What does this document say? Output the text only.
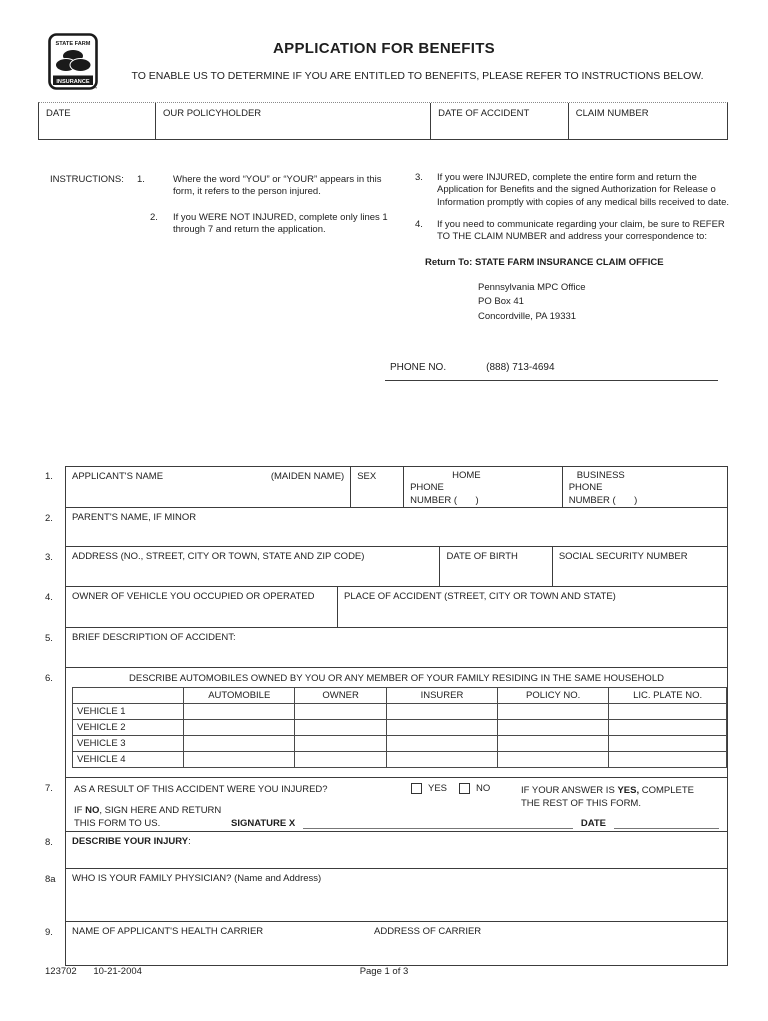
STATE FARM
INSURANCE
™
APPLICATION FOR BENEFITS
TO ENABLE US TO DETERMINE IF YOU ARE ENTITLED TO BENEFITS, PLEASE REFER TO INSTRUCTIONS BELOW.
DATE	OUR POLICYHOLDER	DATE OF ACCIDENT	CLAIM NUMBER
INSTRUCTIONS:	1.	Where the word “YOU” or “YOUR” appears in this form, it refers to the person injured.
2.	If you WERE NOT INJURED, complete only lines 1 through 7 and return the application.
3.	If you were INJURED, complete the entire form and return the Application for Benefits and the signed Authorization for Release o Information promptly with copies of any medical bills received to date.
4.	If you need to communicate regarding your claim, be sure to REFER TO THE CLAIM NUMBER and address your correspondence to:
Return To: STATE FARM INSURANCE CLAIM OFFICE
Pennsylvania MPC Office
PO Box 41
Concordville, PA 19331
PHONE NO.	(888) 713-4694
1.	APPLICANT'S NAME	(MAIDEN NAME)	SEX	HOME
PHONE
NUMBER (       )
BUSINESS
PHONE
NUMBER (       )
2.	PARENT'S NAME, IF MINOR
3.	ADDRESS (NO., STREET, CITY OR TOWN, STATE AND ZIP CODE)	DATE OF BIRTH	SOCIAL SECURITY NUMBER
4.	OWNER OF VEHICLE YOU OCCUPIED OR OPERATED	PLACE OF ACCIDENT (STREET, CITY OR TOWN AND STATE)
5.	BRIEF DESCRIPTION OF ACCIDENT:
6.	DESCRIBE AUTOMOBILES OWNED BY YOU OR ANY MEMBER OF YOUR FAMILY RESIDING IN THE SAME HOUSEHOLD
	AUTOMOBILE	OWNER	INSURER	POLICY NO.	LIC. PLATE NO.
VEHICLE 1					
VEHICLE 2					
VEHICLE 3					
VEHICLE 4					
7.	AS A RESULT OF THIS ACCIDENT WERE YOU INJURED?	YES	NO	IF YOUR ANSWER IS YES, COMPLETE
THE REST OF THIS FORM.
IF NO, SIGN HERE AND RETURN
THIS FORM TO US.	SIGNATURE X	DATE
8.	DESCRIBE YOUR INJURY:
8a	WHO IS YOUR FAMILY PHYSICIAN? (Name and Address)
9.	NAME OF APPLICANT'S HEALTH CARRIER	ADDRESS OF CARRIER
123702 10-21-2004	Page 1 of 3
